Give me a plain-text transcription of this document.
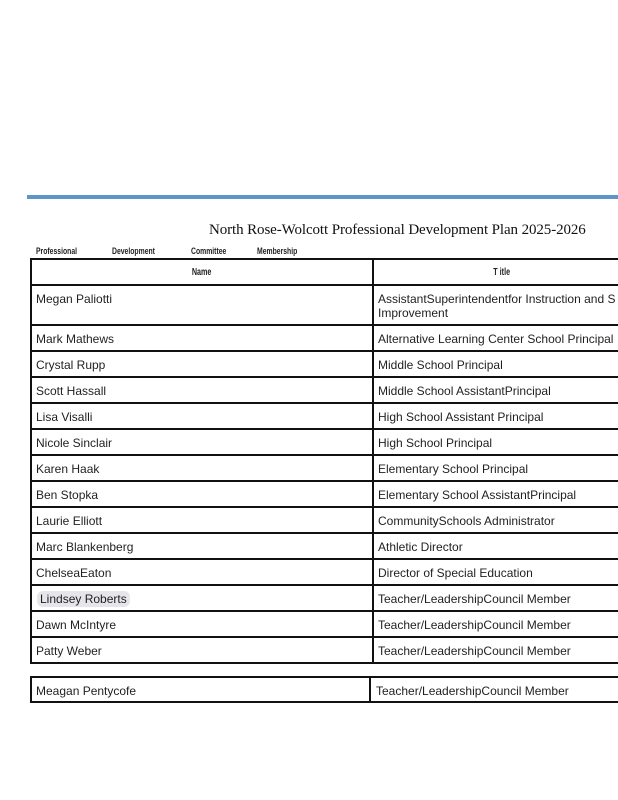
North Rose-Wolcott Professional Development Plan 2025-2026
Professional	Development	Committee	Membership
Name	T itle

Megan Paliotti	AssistantSuperintendentfor Instruction and S Improvement

Mark Mathews	Alternative Learning Center School Principal

Crystal Rupp	Middle School Principal

Scott Hassall	Middle School AssistantPrincipal

Lisa Visalli	High School Assistant Principal

Nicole Sinclair	High School Principal

Karen Haak	Elementary School Principal

Ben Stopka	Elementary School AssistantPrincipal

Laurie Elliott	CommunitySchools Administrator

Marc Blankenberg	Athletic Director

ChelseaEaton	Director of Special Education

Lindsey Roberts	Teacher/LeadershipCouncil Member

Dawn McIntyre	Teacher/LeadershipCouncil Member

Patty Weber	Teacher/LeadershipCouncil Member
Meagan Pentycofe	Teacher/LeadershipCouncil Member
